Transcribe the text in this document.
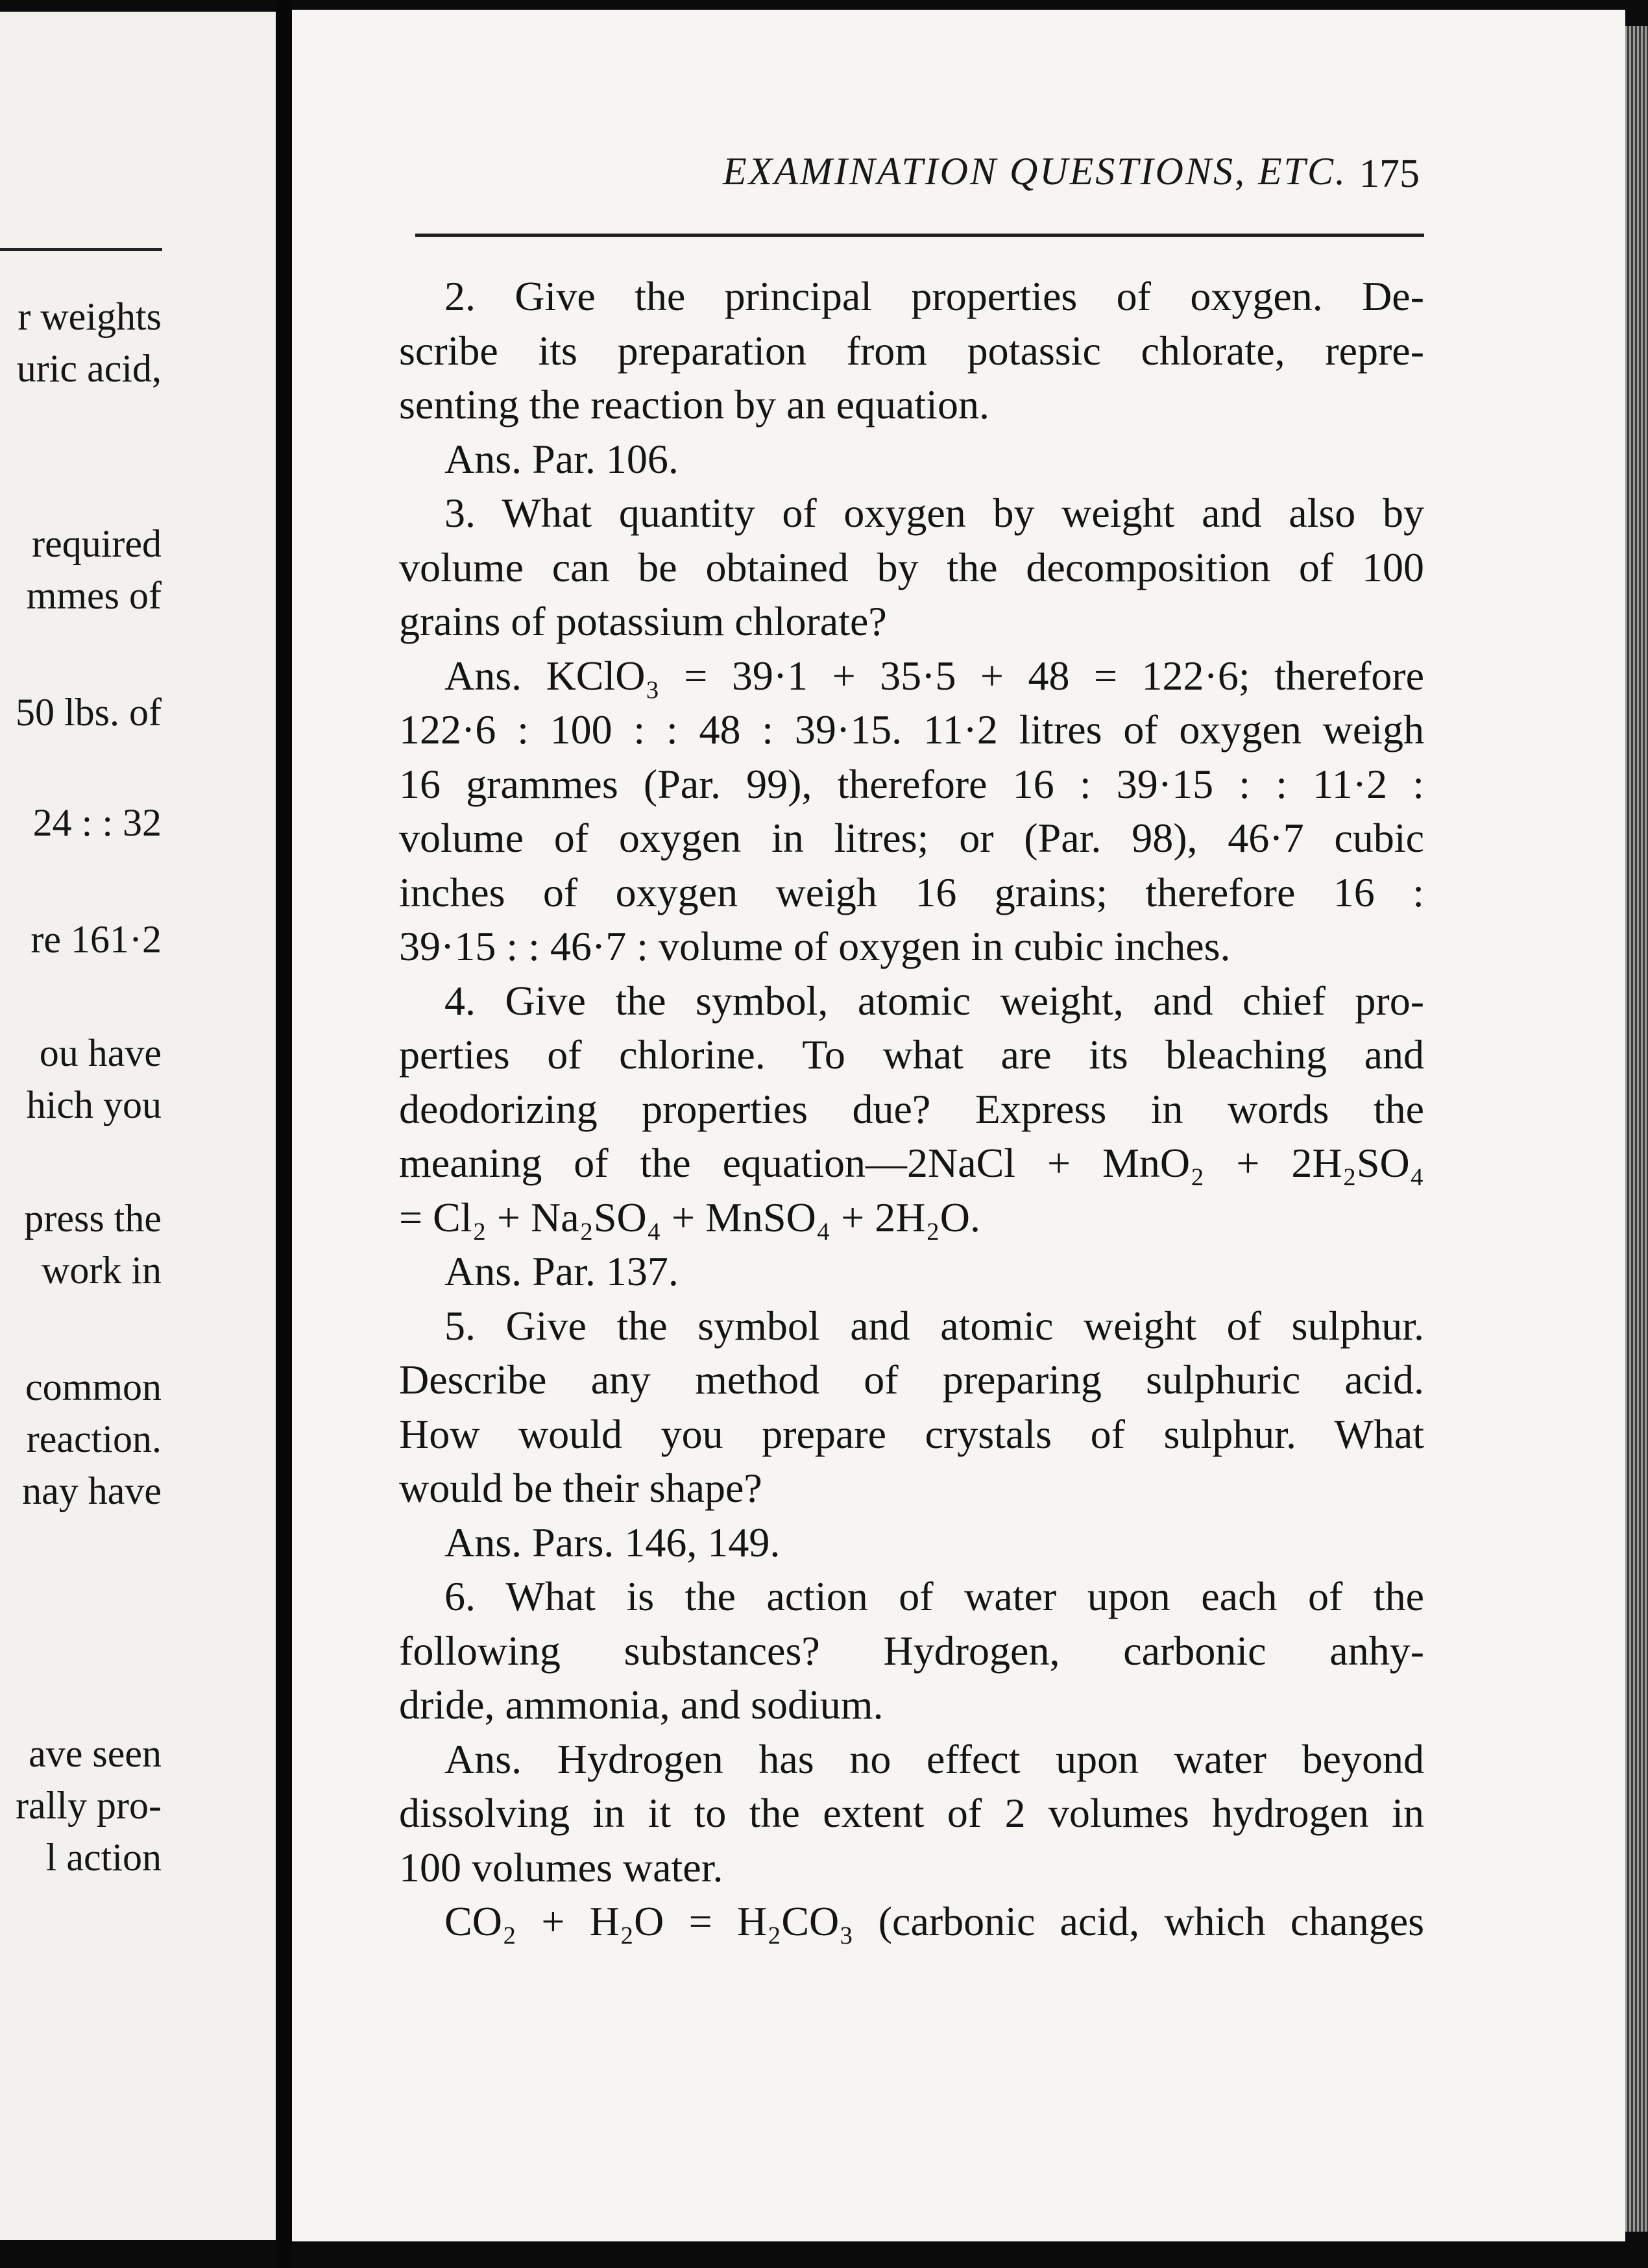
r weights
uric acid,
required
mmes of
50 lbs. of
24 : : 32
re 161·2
ou have
hich you
press the
work in
common
reaction.
nay have
ave seen
rally pro-
l action
EXAMINATION QUESTIONS, ETC. 175
2. Give the principal properties of oxygen. De-
scribe its preparation from potassic chlorate, repre-
senting the reaction by an equation.
Ans. Par. 106.
3. What quantity of oxygen by weight and also by
volume can be obtained by the decomposition of 100
grains of potassium chlorate?
Ans. KClO₃ = 39·1 + 35·5 + 48 = 122·6; therefore
122·6 : 100 : : 48 : 39·15. 11·2 litres of oxygen weigh
16 grammes (Par. 99), therefore 16 : 39·15 : : 11·2 :
volume of oxygen in litres; or (Par. 98), 46·7 cubic
inches of oxygen weigh 16 grains; therefore 16 :
39·15 : : 46·7 : volume of oxygen in cubic inches.
4. Give the symbol, atomic weight, and chief pro-
perties of chlorine. To what are its bleaching and
deodorizing properties due? Express in words the
meaning of the equation—2NaCl + MnO₂ + 2H₂SO₄
= Cl₂ + Na₂SO₄ + MnSO₄ + 2H₂O.
Ans. Par. 137.
5. Give the symbol and atomic weight of sulphur.
Describe any method of preparing sulphuric acid.
How would you prepare crystals of sulphur. What
would be their shape?
Ans. Pars. 146, 149.
6. What is the action of water upon each of the
following substances? Hydrogen, carbonic anhy-
dride, ammonia, and sodium.
Ans. Hydrogen has no effect upon water beyond
dissolving in it to the extent of 2 volumes hydrogen in
100 volumes water.
CO₂ + H₂O = H₂CO₃ (carbonic acid, which changes
